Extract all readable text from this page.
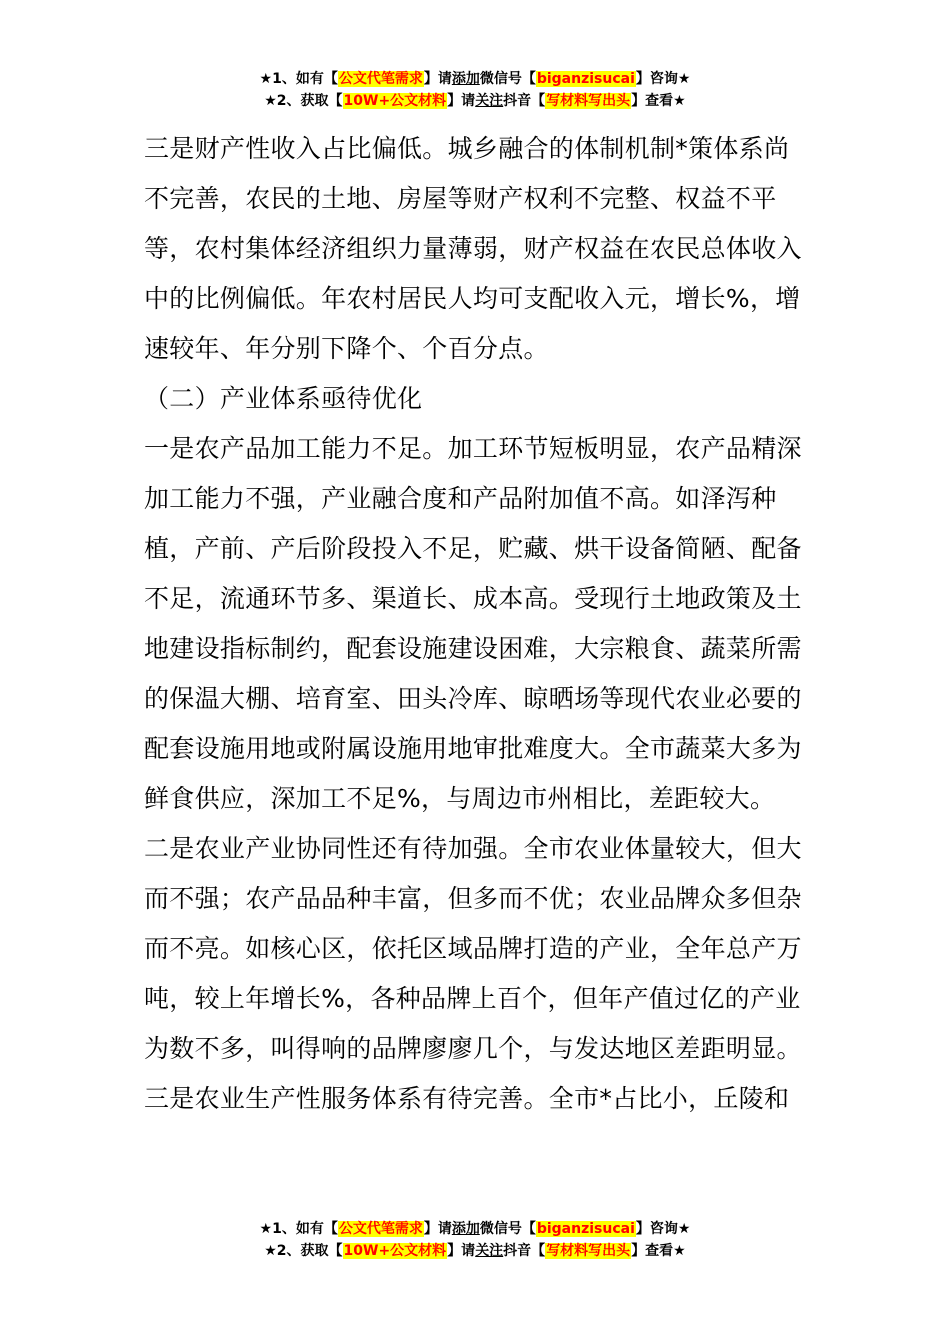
★1、如有【公文代笔需求】请添加微信号【biganzisucai】咨询★
★2、获取【10W+公文材料】请关注抖音【写材料写出头】查看★

三是财产性收入占比偏低。城乡融合的体制机制*策体系尚不完善，农民的土地、房屋等财产权利不完整、权益不平等，农村集体经济组织力量薄弱，财产权益在农民总体收入中的比例偏低。年农村居民人均可支配收入元，增长%，增速较年、年分别下降个、个百分点。

（二）产业体系亟待优化

一是农产品加工能力不足。加工环节短板明显，农产品精深加工能力不强，产业融合度和产品附加值不高。如泽泻种植，产前、产后阶段投入不足，贮藏、烘干设备简陋、配备不足，流通环节多、渠道长、成本高。受现行土地政策及土地建设指标制约，配套设施建设困难，大宗粮食、蔬菜所需的保温大棚、培育室、田头冷库、晾晒场等现代农业必要的配套设施用地或附属设施用地审批难度大。全市蔬菜大多为鲜食供应，深加工不足%，与周边市州相比，差距较大。

二是农业产业协同性还有待加强。全市农业体量较大，但大而不强；农产品品种丰富，但多而不优；农业品牌众多但杂而不亮。如核心区，依托区域品牌打造的产业，全年总产万吨，较上年增长%，各种品牌上百个，但年产值过亿的产业为数不多，叫得响的品牌廖廖几个，与发达地区差距明显。

三是农业生产性服务体系有待完善。全市*占比小，丘陵和

★1、如有【公文代笔需求】请添加微信号【biganzisucai】咨询★
★2、获取【10W+公文材料】请关注抖音【写材料写出头】查看★
